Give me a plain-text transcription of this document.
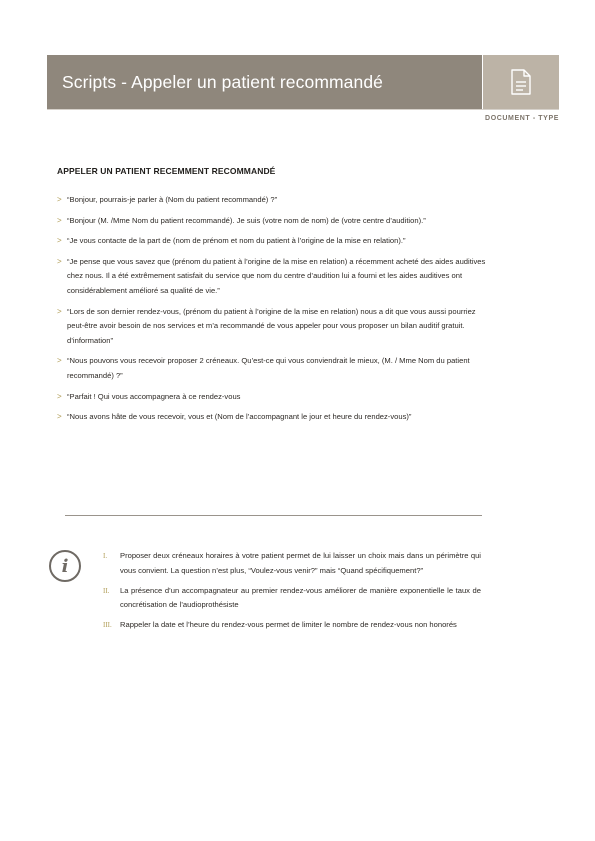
Scripts - Appeler un patient recommandé
DOCUMENT - TYPE
APPELER UN PATIENT RECEMMENT RECOMMANDÉ
> “Bonjour, pourrais-je parler à (Nom du patient recommandé) ?”
> “Bonjour (M. /Mme Nom du patient recommandé). Je suis (votre nom de nom) de (votre centre d’audition).”
> “Je vous contacte de la part de (nom de prénom et nom du patient à l’origine de la mise en relation).”
> “Je pense que vous savez que (prénom du patient à l’origine de la mise en relation) a récemment acheté des aides auditives chez nous. Il a été extrêmement satisfait du service que nom du centre d’audition lui a fourni et les aides auditives ont considérablement amélioré sa qualité de vie.”
> “Lors de son dernier rendez-vous, (prénom du patient à l’origine de la mise en relation) nous a dit que vous aussi pourriez peut-être avoir besoin de nos services et m’a recommandé de vous appeler pour vous proposer un bilan auditif gratuit. d’information”
> “Nous pouvons vous recevoir proposer 2 créneaux. Qu’est-ce qui vous conviendrait le mieux, (M. / Mme Nom du patient recommandé) ?”
> “Parfait ! Qui vous accompagnera à ce rendez-vous
> “Nous avons hâte de vous recevoir, vous et (Nom de l’accompagnant le jour et heure du rendez-vous)”
i	I.	Proposer deux créneaux horaires à votre patient permet de lui laisser un choix mais dans un périmètre qui vous convient. La question n’est plus, “Voulez-vous venir?” mais “Quand spécifiquement?”
II.	La présence d’un accompagnateur au premier rendez-vous améliorer de manière exponentielle le taux de concrétisation de l’audioprothésiste
III.	Rappeler la date et l’heure du rendez-vous permet de limiter le nombre de rendez-vous non honorés
